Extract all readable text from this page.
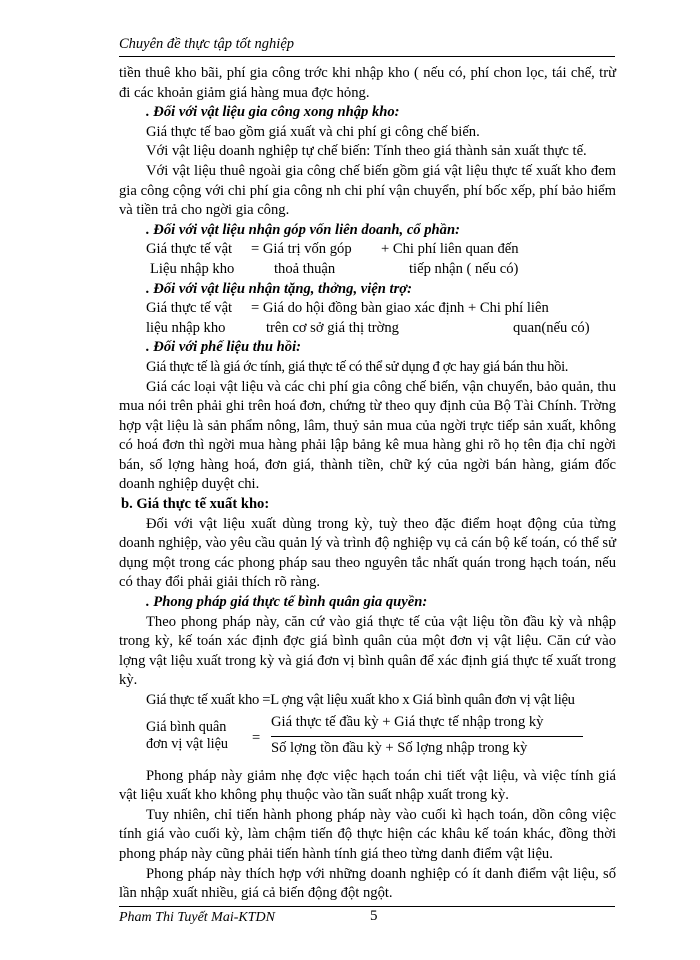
Chuyên đề thực tập tốt nghiệp

tiền thuê kho bãi, phí gia công trớc khi nhập kho ( nếu có, phí chon lọc, tái chế, trừ đi các khoản giảm giá hàng mua đợc hỏng.

. Đối với vật liệu gia công xong nhập kho:

Giá thực tế bao gồm giá xuất và chi phí gi công chế biến.

Với vật liệu doanh nghiệp tự chế biến: Tính theo giá thành sản xuất thực tế.

Với vật liệu thuê ngoài gia công chế biến gồm giá vật liệu thực tế xuất kho đem gia công cộng với chi phí gia công nh chi phí vận chuyển, phí bốc xếp, phí bảo hiểm và tiền trả cho ngời gia công.

. Đối với vật liệu nhận góp vốn liên doanh, cổ phần:

Giá thực tế vật = Giá trị vốn góp + Chi phí liên quan đến
Liệu nhập kho	thoả thuận	tiếp nhận ( nếu có)

. Đối với vật liệu nhận tặng, thởng, viện trợ:

Giá thực tế vật = Giá do hội đồng bàn giao xác định + Chi phí liên
liệu nhập kho	trên cơ sở giá thị trờng	quan(nếu có)

. Đối với phế liệu thu hồi:

Giá thực tế là giá ớc tính, giá thực tế có thể sử dụng đ ợc hay giá bán thu hồi.

Giá các loại vật liệu và các chi phí gia công chế biến, vận chuyển, bảo quản, thu mua nói trên phải ghi trên hoá đơn, chứng từ theo quy định của Bộ Tài Chính. Trờng hợp vật liệu là sản phẩm nông, lâm, thuỷ sản mua của ngời trực tiếp sản xuất, không có hoá đơn thì ngời mua hàng phải lập bảng kê mua hàng ghi rõ họ tên địa chỉ ngời bán, số lợng hàng hoá, đơn giá, thành tiền, chữ ký của ngời bán hàng, giám đốc doanh nghiệp duyệt chi.

b. Giá thực tế xuất kho:

Đối với vật liệu xuất dùng trong kỳ, tuỳ theo đặc điểm hoạt động của từng doanh nghiệp, vào yêu cầu quản lý và trình độ nghiệp vụ cả cán bộ kế toán, có thể sử dụng một trong các phong pháp sau theo nguyên tắc nhất quán trong hạch toán, nếu có thay đổi phải giải thích rõ ràng.

. Phong pháp giá thực tế bình quân gia quyền:

Theo phong pháp này, căn cứ vào giá thực tế của vật liệu tồn đầu kỳ và nhập trong kỳ, kế toán xác định đợc giá bình quân của một đơn vị vật liệu. Căn cứ vào lợng vật liệu xuất trong kỳ và giá đơn vị bình quân để xác định giá thực tế xuất trong kỳ.

Giá thực tế xuất kho =L ợng vật liệu xuất kho x Giá bình quân đơn vị vật liệu

Giá bình quân
đơn vị vật liệu =
Giá thực tế đầu kỳ + Giá thực tế nhập trong kỳ
Số lợng tồn đầu kỳ + Số lợng nhập trong kỳ

Phong pháp này giảm nhẹ đợc việc hạch toán chi tiết vật liệu, và việc tính giá vật liệu xuất kho không phụ thuộc vào tần suất nhập xuất trong kỳ.

Tuy nhiên, chỉ tiến hành phong pháp này vào cuối kì hạch toán, dồn công việc tính giá vào cuối kỳ, làm chậm tiến độ thực hiện các khâu kế toán khác, đồng thời phong pháp này cũng phải tiến hành tính giá theo từng danh điểm vật liệu.

Phong pháp này thích hợp với những doanh nghiệp có ít danh điểm vật liệu, số lần nhập xuất nhiều, giá cả biến động đột ngột.

Pham Thi Tuyết Mai-KTDN	5
